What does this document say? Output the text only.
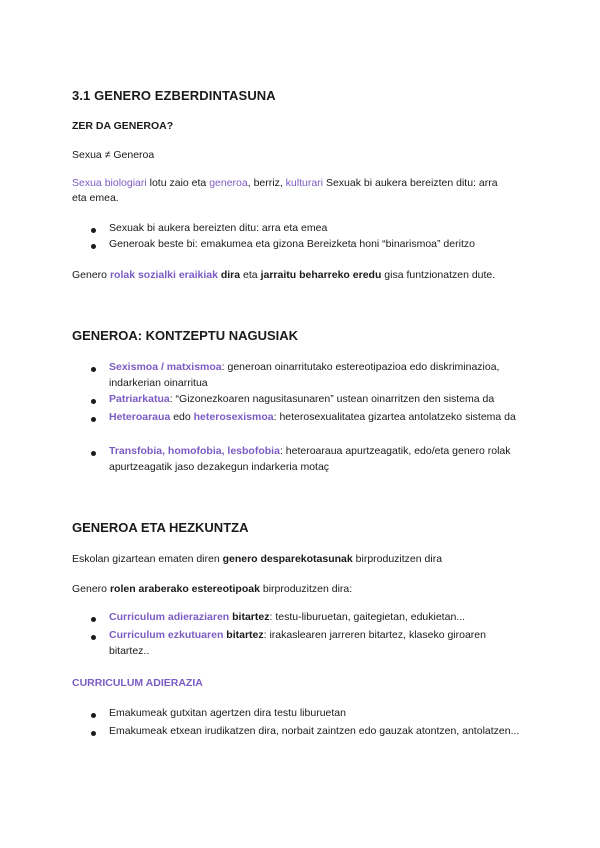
3.1 GENERO EZBERDINTASUNA
ZER DA GENEROA?
Sexua ≠ Generoa
Sexua biologiari lotu zaio eta generoa, berriz, kulturari Sexuak bi aukera bereizten ditu: arra eta emea.
Sexuak bi aukera bereizten ditu: arra eta emea
Generoak beste bi: emakumea eta gizona Bereizketa honi “binarismoa” deritzo
Genero rolak sozialki eraikiak dira eta jarraitu beharreko eredu gisa funtzionatzen dute.
GENEROA: KONTZEPTU NAGUSIAK
Sexismoa / matxismoa: generoan oinarritutako estereotipazioa edo diskriminazioa, indarkerian oinarritua
Patriarkatua: “Gizonezkoaren nagusitasunaren” ustean oinarritzen den sistema da
Heteroaraua edo heterosexismoa: heterosexualitatea gizartea antolatzeko sistema da
Transfobia, homofobia, lesbofobia: heteroaraua apurtzeagatik, edo/eta genero rolak apurtzeagatik jaso dezakegun indarkeria motaç
GENEROA ETA HEZKUNTZA
Eskolan gizartean ematen diren genero desparekotasunak birproduzitzen dira
Genero rolen araberako estereotipoak birproduzitzen dira:
Curriculum adieraziaren bitartez: testu-liburuetan, gaitegietan, edukietan...
Curriculum ezkutuaren bitartez: irakaslearen jarreren bitartez, klaseko giroaren bitartez..
CURRICULUM ADIERAZIA
Emakumeak gutxitan agertzen dira testu liburuetan
Emakumeak etxean irudikatzen dira, norbait zaintzen edo gauzak atontzen, antolatzen...
